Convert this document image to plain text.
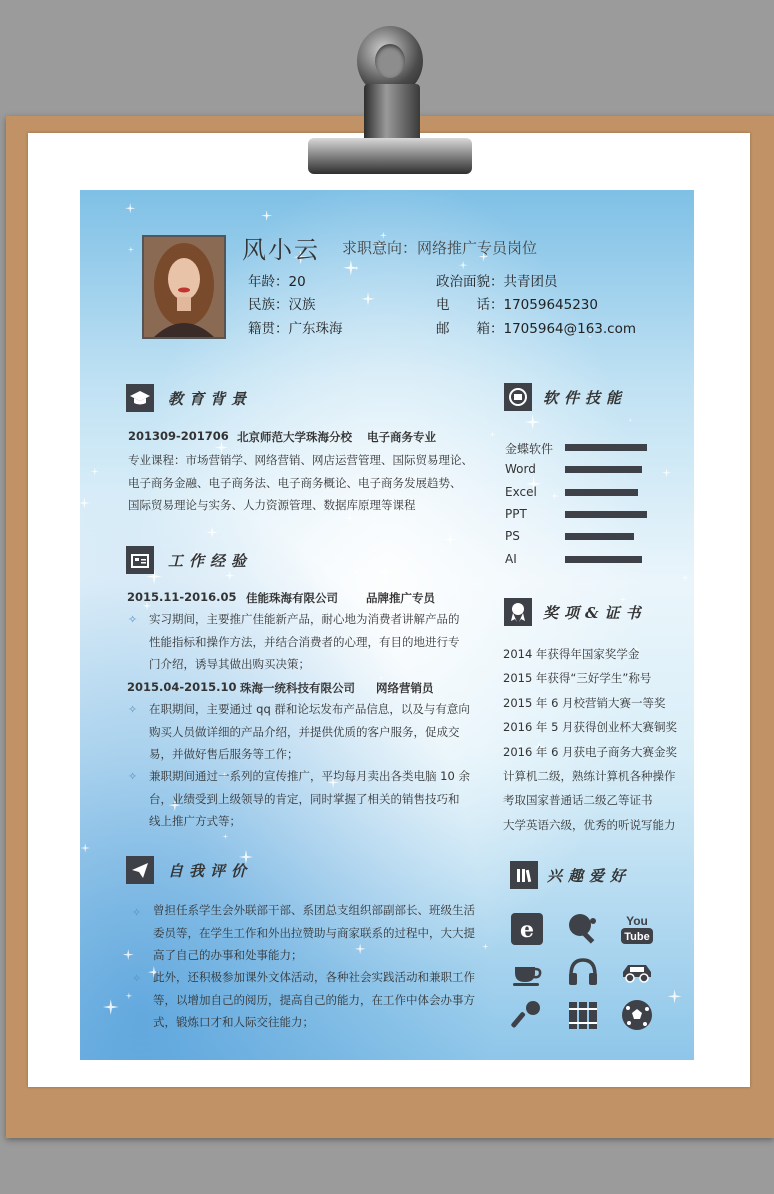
风小云 求职意向：网络推广专员岗位
年龄：20
民族：汉族
籍贯：广东珠海
政治面貌：共青团员
电　　话：17059645230
邮　　箱：1705964@163.com
教育背景
201309-201706 北京师范大学珠海分校 电子商务专业
专业课程：市场营销学、网络营销、网店运营管理、国际贸易理论、
电子商务金融、电子商务法、电子商务概论、电子商务发展趋势、
国际贸易理论与实务、人力资源管理、数据库原理等课程
工作经验
2015.11-2016.05 佳能珠海有限公司 品牌推广专员
✧ 实习期间，主要推广佳能新产品，耐心地为消费者讲解产品的
性能指标和操作方法，并结合消费者的心理，有目的地进行专
门介绍，诱导其做出购买决策；
2015.04-2015.10 珠海一统科技有限公司 网络营销员
✧ 在职期间，主要通过 qq 群和论坛发布产品信息，以及与有意向
购买人员做详细的产品介绍，并提供优质的客户服务，促成交
易，并做好售后服务等工作；
✧ 兼职期间通过一系列的宣传推广，平均每月卖出各类电脑 10 余
台，业绩受到上级领导的肯定，同时掌握了相关的销售技巧和
线上推广方式等；
自我评价
✧ 曾担任系学生会外联部干部、系团总支组织部副部长、班级生活
委员等，在学生工作和外出拉赞助与商家联系的过程中，大大提
高了自己的办事和处事能力；
✧ 此外，还积极参加课外文体活动，各种社会实践活动和兼职工作
等，以增加自己的阅历，提高自己的能力，在工作中体会办事方
式，锻炼口才和人际交往能力；
软件技能
金蝶软件
Word
Excel
PPT
PS
AI
奖项&证书
2014 年获得年国家奖学金
2015 年获得“三好学生”称号
2015 年 6 月校营销大赛一等奖
2016 年 5 月获得创业杯大赛铜奖
2016 年 6 月获电子商务大赛金奖
计算机二级，熟练计算机各种操作
考取国家普通话二级乙等证书
大学英语六级，优秀的听说写能力
兴趣爱好
e	You
Tube
